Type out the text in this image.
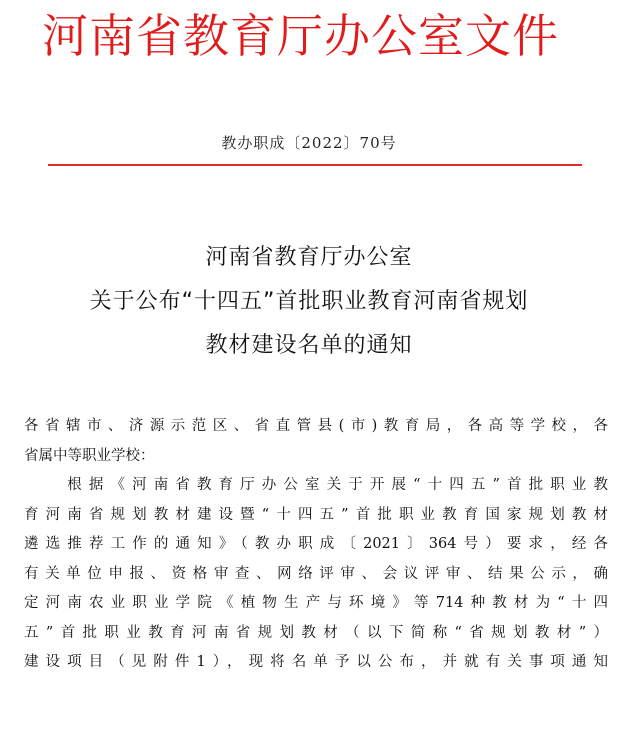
河南省教育厅办公室文件
教办职成〔2022〕70号
河南省教育厅办公室
关于公布“十四五”首批职业教育河南省规划
教材建设名单的通知
各省辖市、济源示范区、省直管县(市)教育局，各高等学校，各
省属中等职业学校：
　　根据《河南省教育厅办公室关于开展“十四五”首批职业教
育河南省规划教材建设暨“十四五”首批职业教育国家规划教材
遴选推荐工作的通知》（教办职成〔2021〕364号）要求，经各
有关单位申报、资格审查、网络评审、会议评审、结果公示，确
定河南农业职业学院《植物生产与环境》等714种教材为“十四
五”首批职业教育河南省规划教材（以下简称“省规划教材”）
建设项目（见附件1），现将名单予以公布，并就有关事项通知
